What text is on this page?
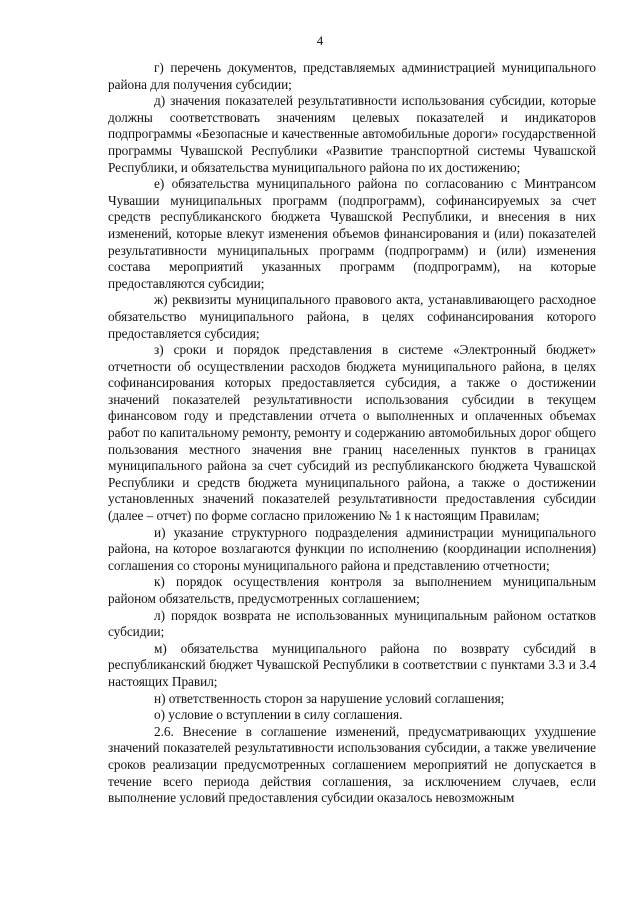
4

г) перечень документов, представляемых администрацией муниципального района для получения субсидии;

д) значения показателей результативности использования субсидии, которые должны соответствовать значениям целевых показателей и индикаторов подпрограммы «Безопасные и качественные автомобильные дороги» государственной программы Чувашской Республики «Развитие транспортной системы Чувашской Республики, и обязательства муниципального района по их достижению;

е) обязательства муниципального района по согласованию с Минтрансом Чувашии муниципальных программ (подпрограмм), софинансируемых за счет средств республиканского бюджета Чувашской Республики, и внесения в них изменений, которые влекут изменения объемов финансирования и (или) показателей результативности муниципальных программ (подпрограмм) и (или) изменения состава мероприятий указанных программ (подпрограмм), на которые предоставляются субсидии;

ж) реквизиты муниципального правового акта, устанавливающего расходное обязательство муниципального района, в целях софинансирования которого предоставляется субсидия;

з) сроки и порядок представления в системе «Электронный бюджет» отчетности об осуществлении расходов бюджета муниципального района, в целях софинансирования которых предоставляется субсидия, а также о достижении значений показателей результативности использования субсидии в текущем финансовом году и представлении отчета о выполненных и оплаченных объемах работ по капитальному ремонту, ремонту и содержанию автомобильных дорог общего пользования местного значения вне границ населенных пунктов в границах муниципального района за счет субсидий из республиканского бюджета Чувашской Республики и средств бюджета муниципального района, а также о достижении установленных значений показателей результативности предоставления субсидии (далее – отчет) по форме согласно приложению № 1 к настоящим Правилам;

и) указание структурного подразделения администрации муниципального района, на которое возлагаются функции по исполнению (координации исполнения) соглашения со стороны муниципального района и представлению отчетности;

к) порядок осуществления контроля за выполнением муниципальным районом обязательств, предусмотренных соглашением;

л) порядок возврата не использованных муниципальным районом остатков субсидии;

м) обязательства муниципального района по возврату субсидий в республиканский бюджет Чувашской Республики в соответствии с пунктами 3.3 и 3.4 настоящих Правил;

н) ответственность сторон за нарушение условий соглашения;

о) условие о вступлении в силу соглашения.

2.6. Внесение в соглашение изменений, предусматривающих ухудшение значений показателей результативности использования субсидии, а также увеличение сроков реализации предусмотренных соглашением мероприятий не допускается в течение всего периода действия соглашения, за исключением случаев, если выполнение условий предоставления субсидии оказалось невозможным
